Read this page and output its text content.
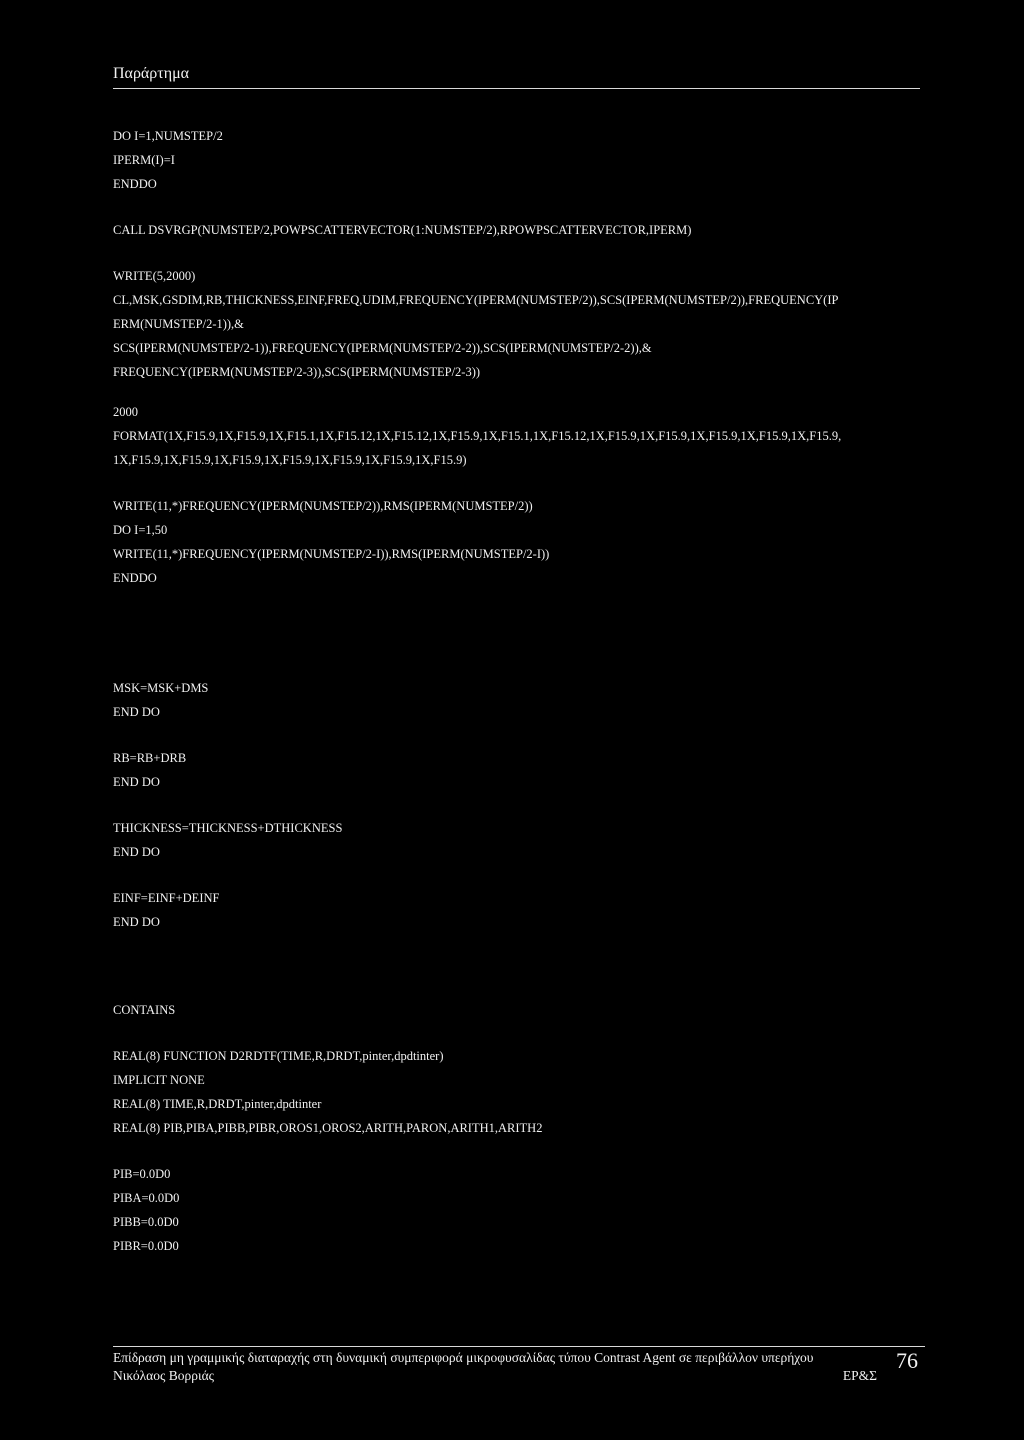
Παράρτημα
DO I=1,NUMSTEP/2
IPERM(I)=I
ENDDO
CALL DSVRGP(NUMSTEP/2,POWPSCATTERVECTOR(1:NUMSTEP/2),RPOWPSCATTERVECTOR,IPERM)
WRITE(5,2000)
CL,MSK,GSDIM,RB,THICKNESS,EINF,FREQ,UDIM,FREQUENCY(IPERM(NUMSTEP/2)),SCS(IPERM(NUMSTEP/2)),FREQUENCY(IP
ERM(NUMSTEP/2-1)),&
SCS(IPERM(NUMSTEP/2-1)),FREQUENCY(IPERM(NUMSTEP/2-2)),SCS(IPERM(NUMSTEP/2-2)),&
FREQUENCY(IPERM(NUMSTEP/2-3)),SCS(IPERM(NUMSTEP/2-3))
2000
FORMAT(1X,F15.9,1X,F15.9,1X,F15.1,1X,F15.12,1X,F15.12,1X,F15.9,1X,F15.1,1X,F15.12,1X,F15.9,1X,F15.9,1X,F15.9,1X,F15.9,1X,F15.9,
1X,F15.9,1X,F15.9,1X,F15.9,1X,F15.9,1X,F15.9,1X,F15.9,1X,F15.9)
WRITE(11,*)FREQUENCY(IPERM(NUMSTEP/2)),RMS(IPERM(NUMSTEP/2))
DO I=1,50
WRITE(11,*)FREQUENCY(IPERM(NUMSTEP/2-I)),RMS(IPERM(NUMSTEP/2-I))
ENDDO
MSK=MSK+DMS
END DO
RB=RB+DRB
END DO
THICKNESS=THICKNESS+DTHICKNESS
END DO
EINF=EINF+DEINF
END DO
CONTAINS
REAL(8) FUNCTION D2RDTF(TIME,R,DRDT,pinter,dpdtinter)
IMPLICIT NONE
REAL(8) TIME,R,DRDT,pinter,dpdtinter
REAL(8) PIB,PIBA,PIBB,PIBR,OROS1,OROS2,ARITH,PARON,ARITH1,ARITH2
PIB=0.0D0
PIBA=0.0D0
PIBB=0.0D0
PIBR=0.0D0
Επίδραση μη γραμμικής διαταραχής στη δυναμική συμπεριφορά μικροφυσαλίδας τύπου Contrast Agent σε περιβάλλον υπερήχου
Νικόλαος Βορριάς	ΕΡ&Σ
76
